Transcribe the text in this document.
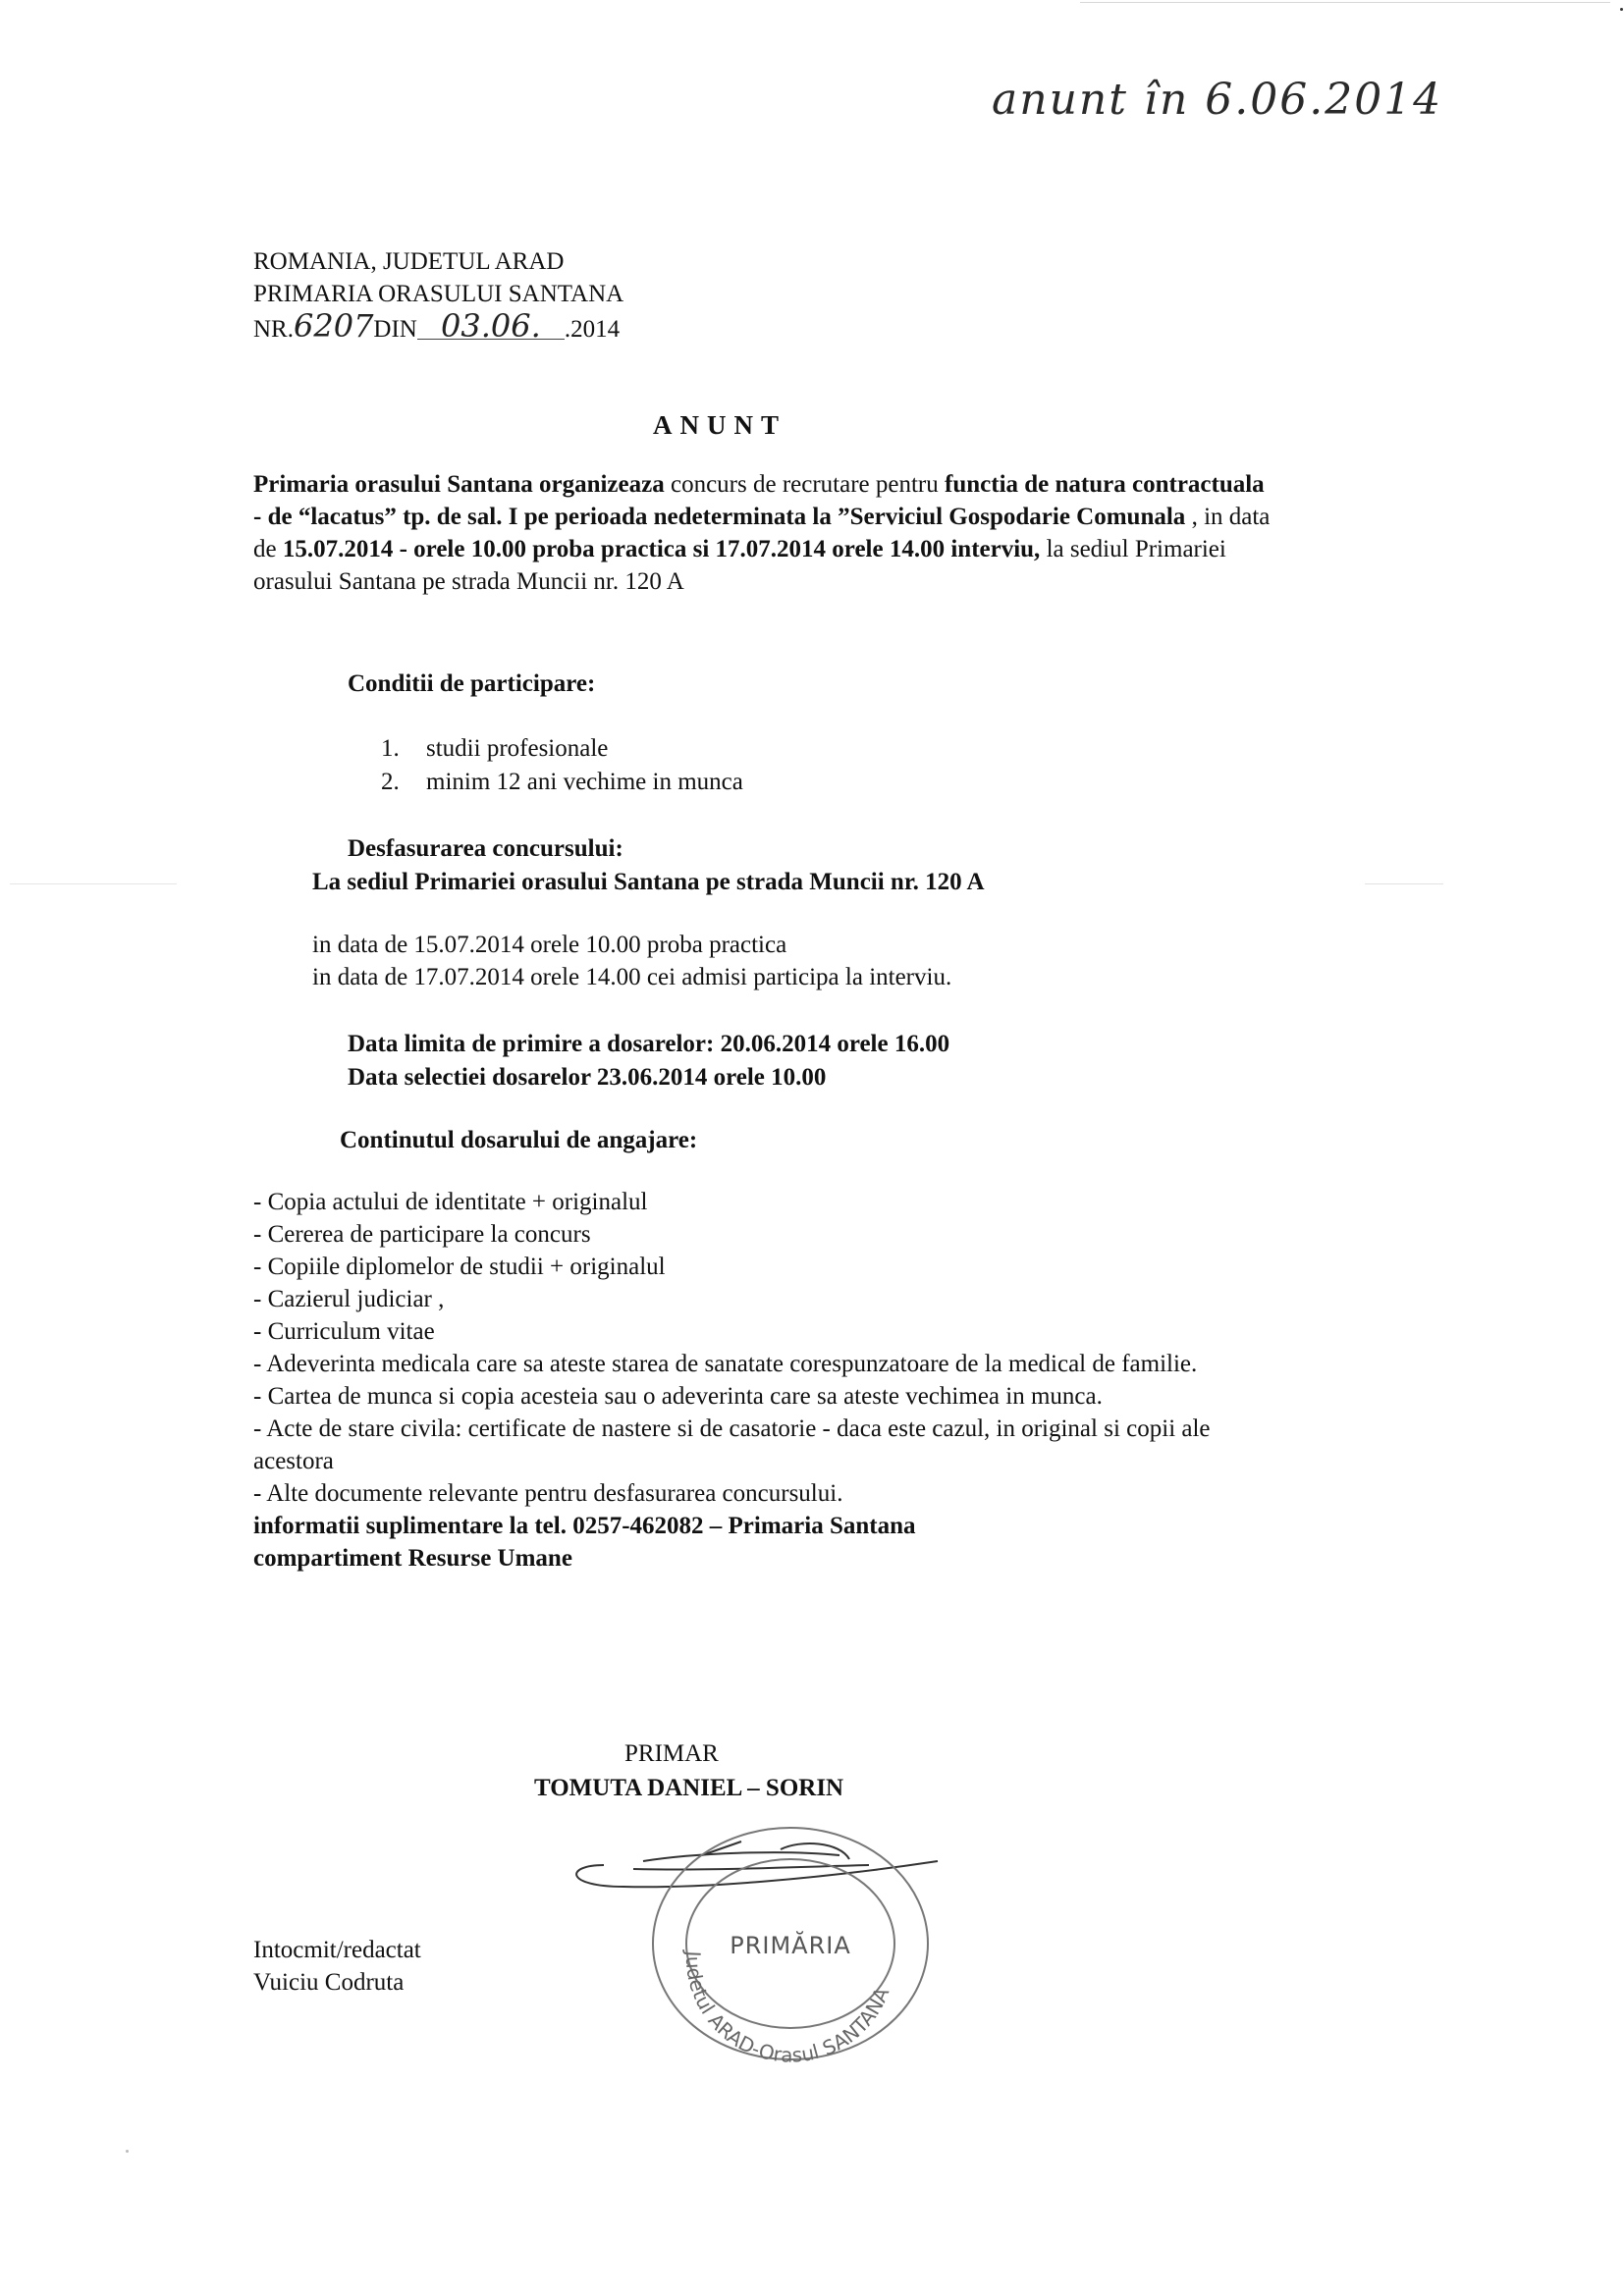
anunt în 6.06.2014
ROMANIA, JUDETUL ARAD
PRIMARIA ORASULUI SANTANA
NR.6207DIN 03.06. .2014
ANUNT
Primaria orasului Santana organizeaza concurs de recrutare pentru functia de natura contractuala - de “lacatus” tp. de sal. I pe perioada nedeterminata la ”Serviciul Gospodarie Comunala , in data de 15.07.2014 - orele 10.00 proba practica si 17.07.2014 orele 14.00 interviu, la sediul Primariei orasului Santana pe strada Muncii nr. 120 A
Conditii de participare:
1. studii profesionale
2. minim 12 ani vechime in munca
Desfasurarea concursului:
La sediul Primariei orasului Santana pe strada Muncii nr. 120 A
in data de 15.07.2014 orele 10.00 proba practica
in data de 17.07.2014 orele 14.00 cei admisi participa la interviu.
Data limita de primire a dosarelor: 20.06.2014 orele 16.00
Data selectiei dosarelor 23.06.2014 orele 10.00
Continutul dosarului de angajare:
- Copia actului de identitate + originalul
- Cererea de participare la concurs
- Copiile diplomelor de studii + originalul
- Cazierul judiciar ,
- Curriculum vitae
- Adeverinta medicala care sa ateste starea de sanatate corespunzatoare de la medical de familie.
- Cartea de munca si copia acesteia sau o adeverinta care sa ateste vechimea in munca.
- Acte de stare civila: certificate de nastere si de casatorie - daca este cazul, in original si copii ale acestora
- Alte documente relevante pentru desfasurarea concursului.
informatii suplimentare la tel. 0257-462082 – Primaria Santana
compartiment Resurse Umane
PRIMAR
TOMUTA DANIEL – SORIN
PRIMĂRIA
Judetul ARAD-Orasul SANTANA
Intocmit/redactat
Vuiciu Codruta
